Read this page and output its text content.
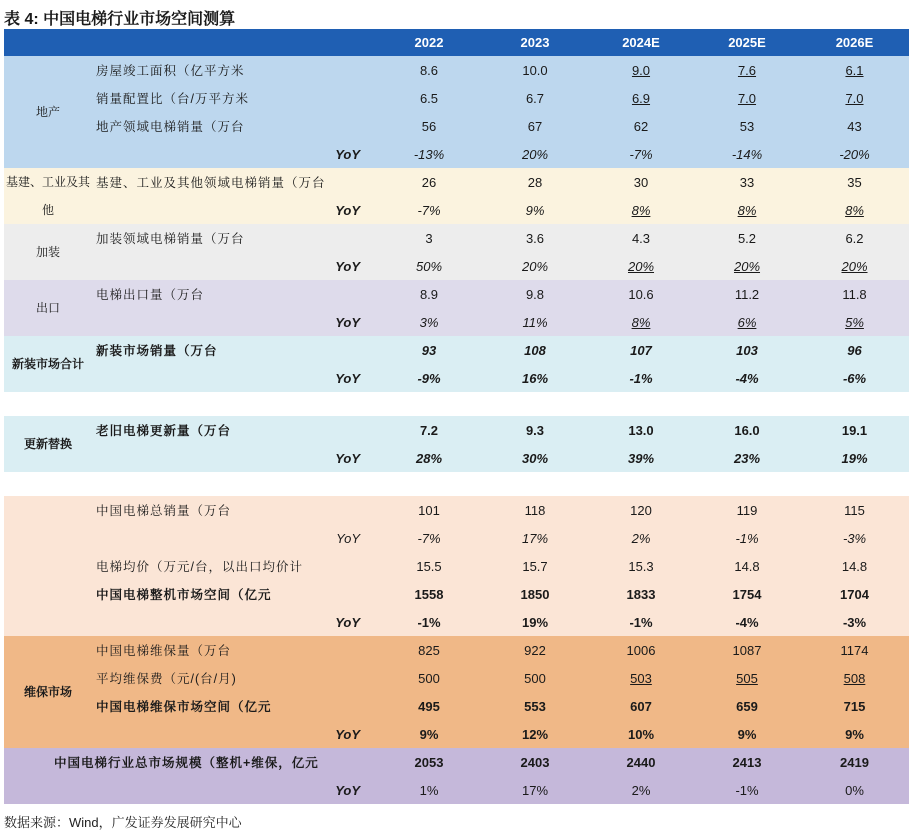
表 4: 中国电梯行业市场空间测算
		2022	2023	2024E	2025E	2026E
地产	房屋竣工面积（亿平方米	8.6	10.0	9.0	7.6	6.1
	销量配置比（台/万平方米	6.5	6.7	6.9	7.0	7.0
	地产领域电梯销量（万台	56	67	62	53	43
	YoY	-13%	20%	-7%	-14%	-20%
基建、工业及其他	基建、工业及其他领域电梯销量（万台	26	28	30	33	35
	YoY	-7%	9%	8%	8%	8%
加装	加装领域电梯销量（万台	3	3.6	4.3	5.2	6.2
	YoY	50%	20%	20%	20%	20%
出口	电梯出口量（万台	8.9	9.8	10.6	11.2	11.8
	YoY	3%	11%	8%	6%	5%
新装市场合计	新装市场销量（万台	93	108	107	103	96
	YoY	-9%	16%	-1%	-4%	-6%

更新替换	老旧电梯更新量（万台	7.2	9.3	13.0	16.0	19.1
	YoY	28%	30%	39%	23%	19%

	中国电梯总销量（万台	101	118	120	119	115
	YoY	-7%	17%	2%	-1%	-3%
	电梯均价（万元/台，以出口均价计	15.5	15.7	15.3	14.8	14.8
	中国电梯整机市场空间（亿元	1558	1850	1833	1754	1704
	YoY	-1%	19%	-1%	-4%	-3%
维保市场	中国电梯维保量（万台	825	922	1006	1087	1174
	平均维保费（元/(台/月)	500	500	503	505	508
	中国电梯维保市场空间（亿元	495	553	607	659	715
	YoY	9%	12%	10%	9%	9%
中国电梯行业总市场规模（整机+维保，亿元		2053	2403	2440	2413	2419
YoY		1%	17%	2%	-1%	0%
数据来源：Wind，广发证券发展研究中心
